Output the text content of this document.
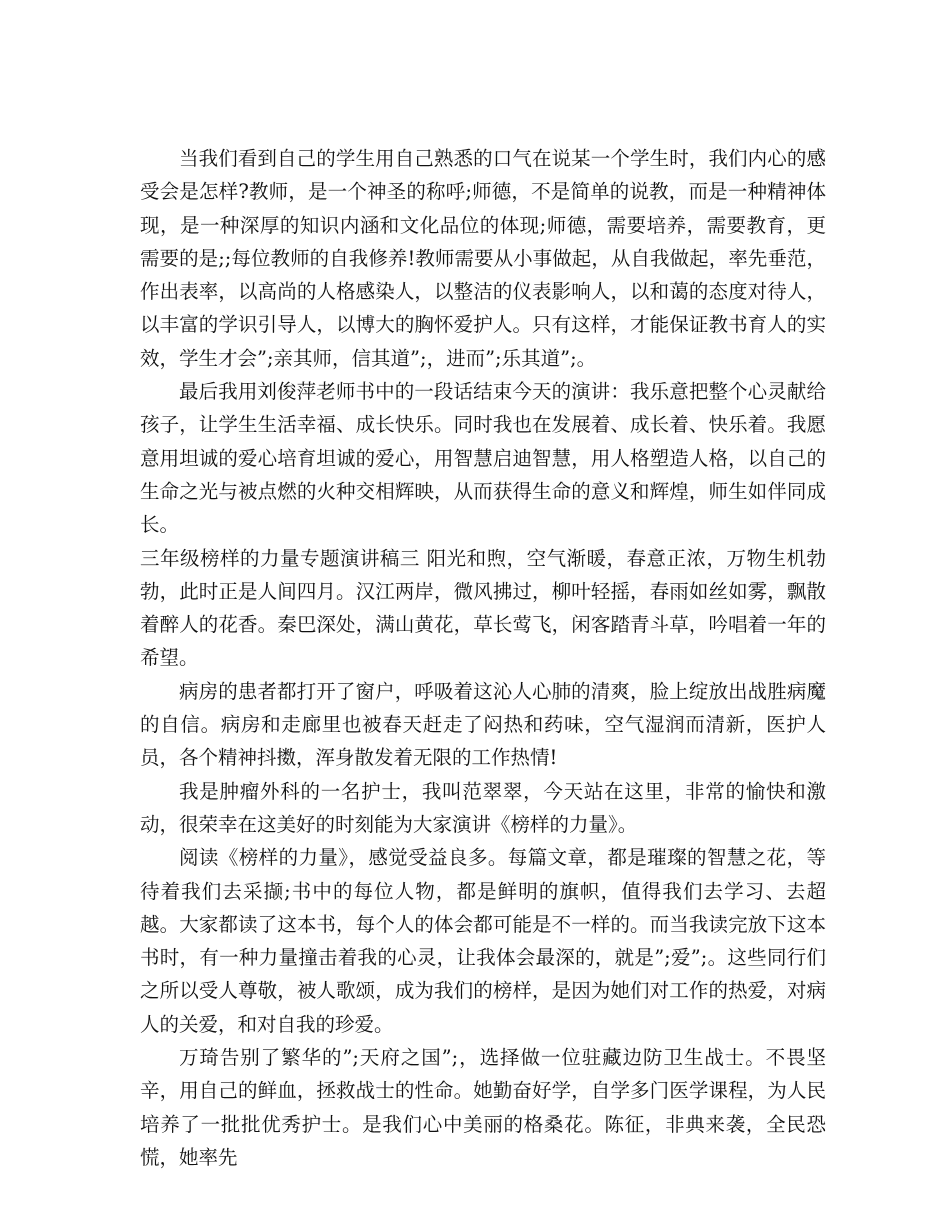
当我们看到自己的学生用自己熟悉的口气在说某一个学生时，我们内心的感受会是怎样?教师，是一个神圣的称呼;师德，不是简单的说教，而是一种精神体现，是一种深厚的知识内涵和文化品位的体现;师德，需要培养，需要教育，更需要的是;;每位教师的自我修养!教师需要从小事做起，从自我做起，率先垂范，作出表率，以高尚的人格感染人，以整洁的仪表影响人，以和蔼的态度对待人，以丰富的学识引导人，以博大的胸怀爱护人。只有这样，才能保证教书育人的实效，学生才会”;亲其师，信其道”;，进而”;乐其道”;。

最后我用刘俊萍老师书中的一段话结束今天的演讲：我乐意把整个心灵献给孩子，让学生生活幸福、成长快乐。同时我也在发展着、成长着、快乐着。我愿意用坦诚的爱心培育坦诚的爱心，用智慧启迪智慧，用人格塑造人格，以自己的生命之光与被点燃的火种交相辉映，从而获得生命的意义和辉煌，师生如伴同成长。

三年级榜样的力量专题演讲稿三 阳光和煦，空气渐暖，春意正浓，万物生机勃勃，此时正是人间四月。汉江两岸，微风拂过，柳叶轻摇，春雨如丝如雾，飘散着醉人的花香。秦巴深处，满山黄花，草长莺飞，闲客踏青斗草，吟唱着一年的希望。

病房的患者都打开了窗户，呼吸着这沁人心肺的清爽，脸上绽放出战胜病魔的自信。病房和走廊里也被春天赶走了闷热和药味，空气湿润而清新，医护人员，各个精神抖擞，浑身散发着无限的工作热情!

我是肿瘤外科的一名护士，我叫范翠翠，今天站在这里，非常的愉快和激动，很荣幸在这美好的时刻能为大家演讲《榜样的力量》。

阅读《榜样的力量》，感觉受益良多。每篇文章，都是璀璨的智慧之花，等待着我们去采撷;书中的每位人物，都是鲜明的旗帜，值得我们去学习、去超越。大家都读了这本书，每个人的体会都可能是不一样的。而当我读完放下这本书时，有一种力量撞击着我的心灵，让我体会最深的，就是”;爱”;。这些同行们之所以受人尊敬，被人歌颂，成为我们的榜样，是因为她们对工作的热爱，对病人的关爱，和对自我的珍爱。

万琦告别了繁华的”;天府之国”;，选择做一位驻藏边防卫生战士。不畏坚辛，用自己的鲜血，拯救战士的性命。她勤奋好学，自学多门医学课程，为人民培养了一批批优秀护士。是我们心中美丽的格桑花。陈征，非典来袭，全民恐慌，她率先
